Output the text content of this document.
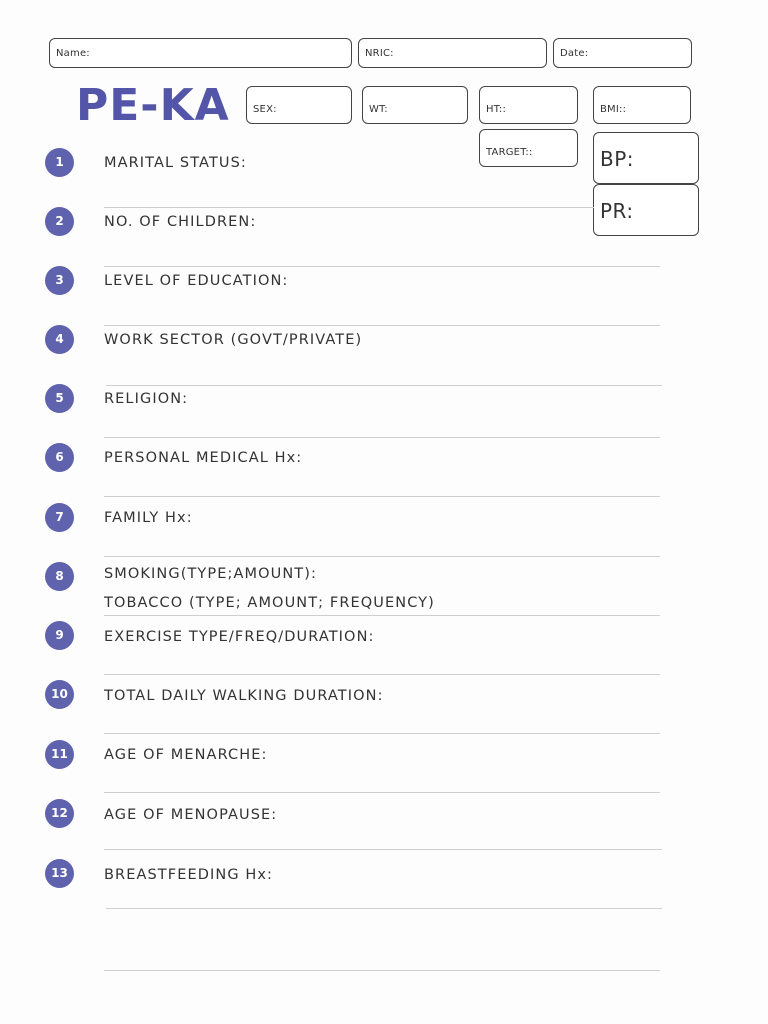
Name:	NRIC:	Date:
PE-KA SEX:	WT:	HT::	BMI::
TARGET::	BP:
PR:
1	MARITAL STATUS:
2	NO. OF CHILDREN:
3	LEVEL OF EDUCATION:
4	WORK SECTOR (GOVT/PRIVATE)
5	RELIGION:
6	PERSONAL MEDICAL Hx:
7	FAMILY Hx:
8	SMOKING(TYPE;AMOUNT):
TOBACCO (TYPE; AMOUNT; FREQUENCY)
9	EXERCISE TYPE/FREQ/DURATION:
10	TOTAL DAILY WALKING DURATION:
11	AGE OF MENARCHE:
12	AGE OF MENOPAUSE:
13	BREASTFEEDING Hx:
